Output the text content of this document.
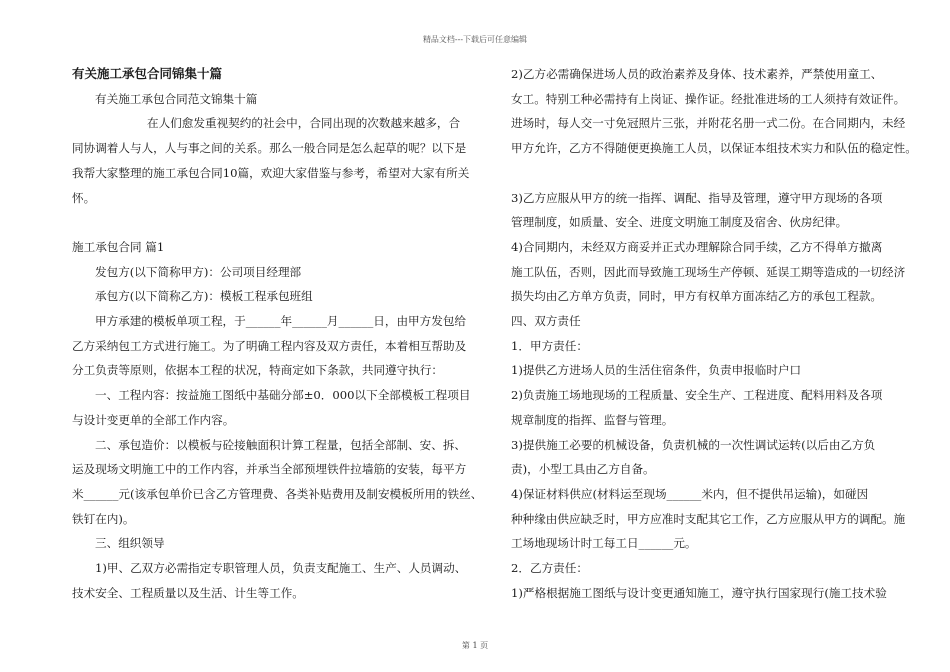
精品文档---下载后可任意编辑

有关施工承包合同锦集十篇

有关施工承包合同范文锦集十篇

在人们愈发重视契约的社会中，合同出现的次数越来越多，合

同协调着人与人，人与事之间的关系。那么一般合同是怎么起草的呢？以下是

我帮大家整理的施工承包合同10篇，欢迎大家借鉴与参考，希望对大家有所关

怀。

施工承包合同 篇1

发包方(以下简称甲方)：公司项目经理部

承包方(以下简称乙方)：模板工程承包班组

甲方承建的模板单项工程，于______年______月______日，由甲方发包给

乙方采纳包工方式进行施工。为了明确工程内容及双方责任，本着相互帮助及

分工负责等原则，依据本工程的状况，特商定如下条款，共同遵守执行：

一、工程内容：按益施工图纸中基础分部±0．000以下全部模板工程项目

与设计变更单的全部工作内容。

二、承包造价：以模板与砼接触面积计算工程量，包括全部制、安、拆、

运及现场文明施工中的工作内容，并承当全部预埋铁件拉墙筋的安装，每平方

米______元(该承包单价已含乙方管理费、各类补贴费用及制安模板所用的铁丝、

铁钉在内)。

三、组织领导

1)甲、乙双方必需指定专职管理人员，负责支配施工、生产、人员调动、

技术安全、工程质量以及生活、计生等工作。

2)乙方必需确保进场人员的政治素养及身体、技术素养，严禁使用童工、

女工。特别工种必需持有上岗证、操作证。经批准进场的工人须持有效证件。

进场时，每人交一寸免冠照片三张，并附花名册一式二份。在合同期内，未经

甲方允许，乙方不得随便更换施工人员，以保证本组技术实力和队伍的稳定性。

3)乙方应服从甲方的统一指挥、调配、指导及管理，遵守甲方现场的各项

管理制度，如质量、安全、进度文明施工制度及宿舍、伙房纪律。

4)合同期内，未经双方商妥并正式办理解除合同手续，乙方不得单方撤离

施工队伍，否则，因此而导致施工现场生产停顿、延误工期等造成的一切经济

损失均由乙方单方负责，同时，甲方有权单方面冻结乙方的承包工程款。

四、双方责任

1．甲方责任：

1)提供乙方进场人员的生活住宿条件，负责申报临时户口

2)负责施工场地现场的工程质量、安全生产、工程进度、配料用料及各项

规章制度的指挥、监督与管理。

3)提供施工必要的机械设备，负责机械的一次性调试运转(以后由乙方负

责)，小型工具由乙方自备。

4)保证材料供应(材料运至现场______米内，但不提供吊运输)，如碰因

种种缘由供应缺乏时，甲方应准时支配其它工作，乙方应服从甲方的调配。施

工场地现场计时工每工日______元。

2．乙方责任：

1)严格根据施工图纸与设计变更通知施工，遵守执行国家现行(施工技术验

第 1 页
